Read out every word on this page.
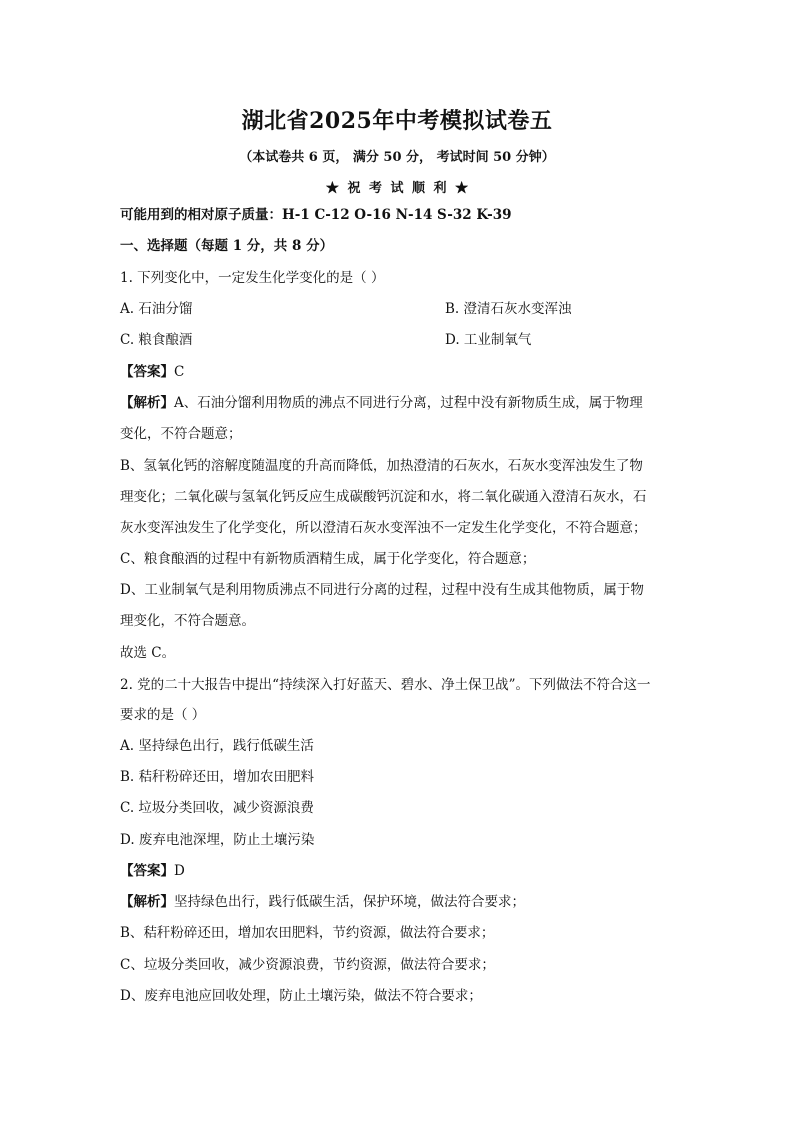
湖北省2025年中考模拟试卷五
（本试卷共 6 页， 满分 50 分， 考试时间 50 分钟）
★ 祝 考 试 顺 利 ★
可能用到的相对原子质量：H-1 C-12 O-16 N-14 S-32 K-39
一、选择题（每题 1 分，共 8 分）
1. 下列变化中，一定发生化学变化的是（ ）
A. 石油分馏	B. 澄清石灰水变浑浊
C. 粮食酿酒	D. 工业制氧气
【答案】C
【解析】A、石油分馏利用物质的沸点不同进行分离，过程中没有新物质生成，属于物理
变化，不符合题意；
B、氢氧化钙的溶解度随温度的升高而降低，加热澄清的石灰水，石灰水变浑浊发生了物
理变化；二氧化碳与氢氧化钙反应生成碳酸钙沉淀和水，将二氧化碳通入澄清石灰水，石
灰水变浑浊发生了化学变化，所以澄清石灰水变浑浊不一定发生化学变化，不符合题意；
C、粮食酿酒的过程中有新物质酒精生成，属于化学变化，符合题意；
D、工业制氧气是利用物质沸点不同进行分离的过程，过程中没有生成其他物质，属于物
理变化，不符合题意。
故选 C。
2. 党的二十大报告中提出“持续深入打好蓝天、碧水、净土保卫战”。下列做法不符合这一
要求的是（ ）
A. 坚持绿色出行，践行低碳生活
B. 秸秆粉碎还田，增加农田肥料
C. 垃圾分类回收，减少资源浪费
D. 废弃电池深埋，防止土壤污染
【答案】D
【解析】坚持绿色出行，践行低碳生活，保护环境，做法符合要求；
B、秸秆粉碎还田，增加农田肥料，节约资源，做法符合要求；
C、垃圾分类回收，减少资源浪费，节约资源，做法符合要求；
D、废弃电池应回收处理，防止土壤污染，做法不符合要求；
